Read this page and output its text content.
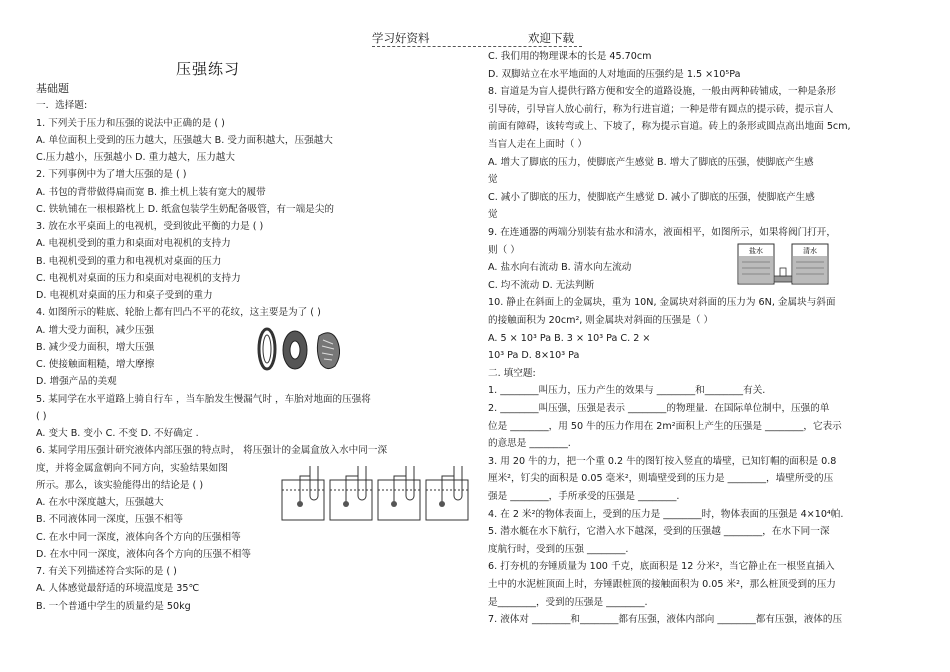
学习好资料	欢迎下载
压强练习
基础题
一．选择题:
1. 下列关于压力和压强的说法中正确的是 ( )
A. 单位面积上受到的压力越大，压强越大 B. 受力面积越大，压强越大
C.压力越小，压强越小 D. 重力越大，压力越大
2. 下列事例中为了增大压强的是 ( )
A. 书包的背带做得扁而宽 B. 推土机上装有宽大的履带
C. 铁轨铺在一根根路枕上 D. 纸盒包装学生奶配备吸管，有一端是尖的
3. 放在水平桌面上的电视机，受到彼此平衡的力是 ( )
A. 电视机受到的重力和桌面对电视机的支持力
B. 电视机受到的重力和电视机对桌面的压力
C. 电视机对桌面的压力和桌面对电视机的支持力
D. 电视机对桌面的压力和桌子受到的重力
4. 如图所示的鞋底、轮胎上都有凹凸不平的花纹，这主要是为了 ( )
A. 增大受力面积，减少压强
B. 减少受力面积，增大压强
C. 使接触面粗糙，增大摩擦
D. 增强产品的美观
5. 某同学在水平道路上骑自行车 ，当车胎发生慢漏气时 ，车胎对地面的压强将
( )
A. 变大 B. 变小 C. 不变 D. 不好确定 .
6. 某同学用压强计研究液体内部压强的特点时， 将压强计的金属盒放入水中同一深
度，并将金属盒朝向不同方向，实验结果如图
所示。那么，该实验能得出的结论是 ( )
A. 在水中深度越大，压强越大
B. 不同液体同一深度，压强不相等
C. 在水中同一深度，液体向各个方向的压强相等
D. 在水中同一深度，液体向各个方向的压强不相等
7. 有关下列描述符合实际的是 ( )
A. 人体感觉最舒适的环境温度是 35℃
B. 一个普通中学生的质量约是 50kg
C. 我们用的物理课本的长是 45.70cm
D. 双脚站立在水平地面的人对地面的压强约是 1.5 ×10⁵Pa
8. 盲道是为盲人提供行路方便和安全的道路设施，一般由两种砖铺成，一种是条形
引导砖，引导盲人放心前行，称为行进盲道；一种是带有圆点的提示砖，提示盲人
前面有障碍，该转弯或上、下坡了，称为提示盲道。砖上的条形或圆点高出地面 5cm,
当盲人走在上面时（ ）
A. 增大了脚底的压力，使脚底产生感觉 B. 增大了脚底的压强，使脚底产生感
觉
C. 减小了脚底的压力，使脚底产生感觉 D. 减小了脚底的压强，使脚底产生感
觉
9. 在连通器的两端分别装有盐水和清水，液面相平，如图所示，如果将阀门打开，
则（ ）
A. 盐水向右流动 B. 清水向左流动
C. 均不流动 D. 无法判断
10. 静止在斜面上的金属块，重为 10N, 金属块对斜面的压力为 6N, 金属块与斜面
的接触面积为 20cm², 则金属块对斜面的压强是（ ）
A. 5 × 10³ Pa B. 3 × 10³ Pa C. 2 ×
10³ Pa D. 8×10³ Pa
二. 填空题:
1. ________叫压力，压力产生的效果与 ________和________有关.
2. ________叫压强，压强是表示 ________的物理量．在国际单位制中，压强的单
位是 ________，用 50 牛的压力作用在 2m²面积上产生的压强是 ________，它表示
的意思是 ________.
3. 用 20 牛的力，把一个重 0.2 牛的图钉按入竖直的墙壁，已知钉帽的面积是 0.8
厘米²，钉尖的面积是 0.05 毫米²，则墙壁受到的压力是 ________，墙壁所受的压
强是 ________，手所承受的压强是 ________.
4. 在 2 米²的物体表面上，受到的压力是 ________时，物体表面的压强是 4×10⁴帕.
5. 潜水艇在水下航行，它潜入水下越深，受到的压强越 ________，在水下同一深
度航行时，受到的压强 ________.
6. 打夯机的夯锤质量为 100 千克，底面积是 12 分米²，当它静止在一根竖直插入
土中的水泥桩顶面上时，夯锤跟桩顶的接触面积为 0.05 米²，那么桩顶受到的压力
是________，受到的压强是 ________.
7. 液体对 ________和________都有压强，液体内部向 ________都有压强，液体的压
盐水	清水
